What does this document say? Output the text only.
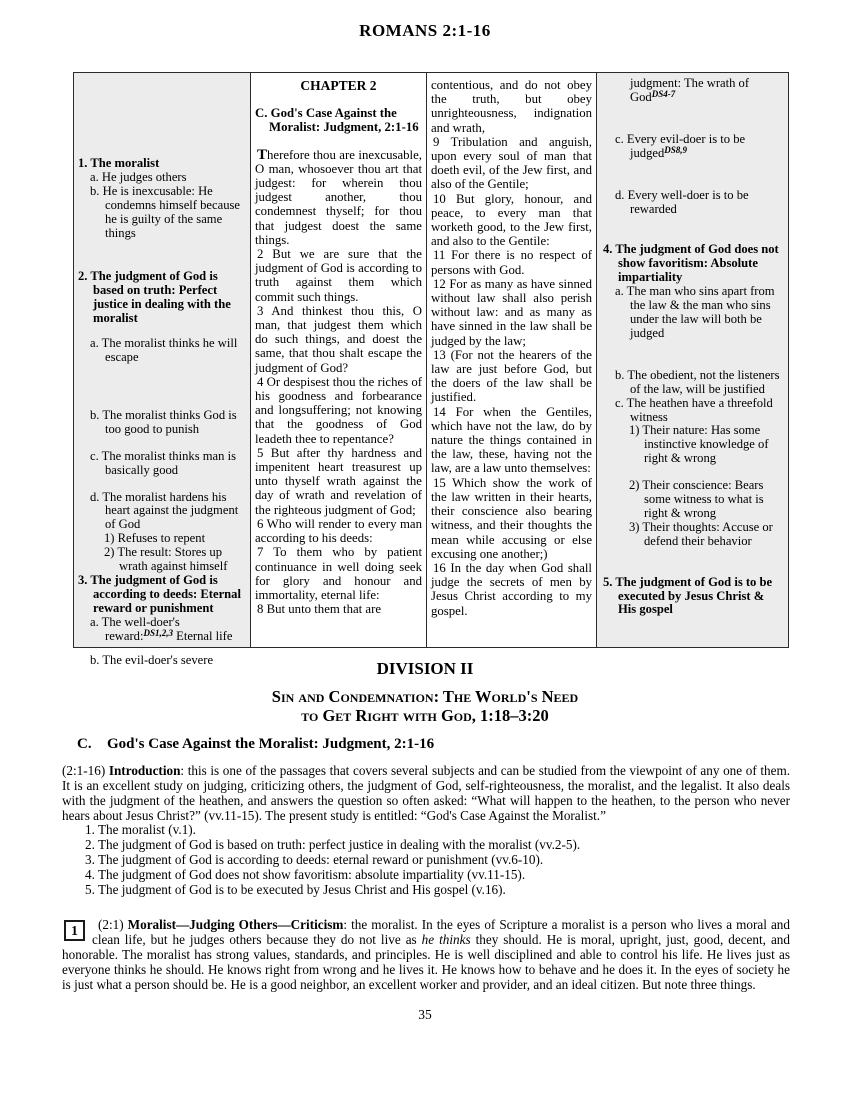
ROMANS 2:1-16
1. The moralist
a. He judges others
b. He is inexcusable: He condemns himself because he is guilty of the same things
2. The judgment of God is based on truth: Perfect justice in dealing with the moralist
a. The moralist thinks he will escape
b. The moralist thinks God is too good to punish
c. The moralist thinks man is basically good
d. The moralist hardens his heart against the judgment of God
1) Refuses to repent
2) The result: Stores up wrath against himself
3. The judgment of God is according to deeds: Eternal reward or punishment
a. The well-doer's reward:$^{DS1,2,3}$ Eternal life
b. The evil-doer's severe
CHAPTER 2
C. God's Case Against the Moralist: Judgment, 2:1-16

Therefore thou are inexcusable, O man, whosoever thou art that judgest: for wherein thou judgest another, thou condemnest thyself; for thou that judgest doest the same things.

2 But we are sure that the judgment of God is according to truth against them which commit such things.

3 And thinkest thou this, O man, that judgest them which do such things, and doest the same, that thou shalt escape the judgment of God?

4 Or despisest thou the riches of his goodness and forbearance and longsuffering; not knowing that the goodness of God leadeth thee to repentance?

5 But after thy hardness and impenitent heart treasurest up unto thyself wrath against the day of wrath and revelation of the righteous judgment of God;

6 Who will render to every man according to his deeds:

7 To them who by patient continuance in well doing seek for glory and honour and immortality, eternal life:

8 But unto them that are

contentious, and do not obey the truth, but obey unrighteousness, indignation and wrath,

9 Tribulation and anguish, upon every soul of man that doeth evil, of the Jew first, and also of the Gentile;

10 But glory, honour, and peace, to every man that worketh good, to the Jew first, and also to the Gentile:

11 For there is no respect of persons with God.

12 For as many as have sinned without law shall also perish without law: and as many as have sinned in the law shall be judged by the law;

13 (For not the hearers of the law are just before God, but the doers of the law shall be justified.

14 For when the Gentiles, which have not the law, do by nature the things contained in the law, these, having not the law, are a law unto themselves:

15 Which show the work of the law written in their hearts, their conscience also bearing witness, and their thoughts the mean while accusing or else excusing one another;)

16 In the day when God shall judge the secrets of men by Jesus Christ according to my gospel.

judgment: The wrath of God$^{DS4-7}$
c. Every evil-doer is to be judged$^{DS8,9}$
d. Every well-doer is to be rewarded
4. The judgment of God does not show favoritism: Absolute impartiality
a. The man who sins apart from the law & the man who sins under the law will both be judged
b. The obedient, not the listeners of the law, will be justified
c. The heathen have a threefold witness
1) Their nature: Has some instinctive knowledge of right & wrong
2) Their conscience: Bears some witness to what is right & wrong
3) Their thoughts: Accuse or defend their behavior
5. The judgment of God is to be executed by Jesus Christ & His gospel
DIVISION II
Sin and Condemnation: The World's Need
to Get Right with God, 1:18–3:20
C. God's Case Against the Moralist: Judgment, 2:1-16

(2:1-16) Introduction: this is one of the passages that covers several subjects and can be studied from the viewpoint of any one of them. It is an excellent study on judging, criticizing others, the judgment of God, self-righteousness, the moralist, and the legalist. It also deals with the judgment of the heathen, and answers the question so often asked: “What will happen to the heathen, to the person who never hears about Jesus Christ?” (vv.11-15). The present study is entitled: “God's Case Against the Moralist.”

1. The moralist (v.1).
2. The judgment of God is based on truth: perfect justice in dealing with the moralist (vv.2-5).
3. The judgment of God is according to deeds: eternal reward or punishment (vv.6-10).
4. The judgment of God does not show favoritism: absolute impartiality (vv.11-15).
5. The judgment of God is to be executed by Jesus Christ and His gospel (v.16).
1	(2:1) Moralist—Judging Others—Criticism: the moralist. In the eyes of Scripture a moralist is a person who lives a moral and clean life, but he judges others because they do not live as he thinks they should. He is moral, upright, just, good, decent, and honorable. The moralist has strong values, standards, and principles. He is well disciplined and able to control his life. He lives just as everyone thinks he should. He knows right from wrong and he lives it. He knows how to behave and he does it. In the eyes of society he is just what a person should be. He is a good neighbor, an excellent worker and provider, and an ideal citizen. But note three things.

35
